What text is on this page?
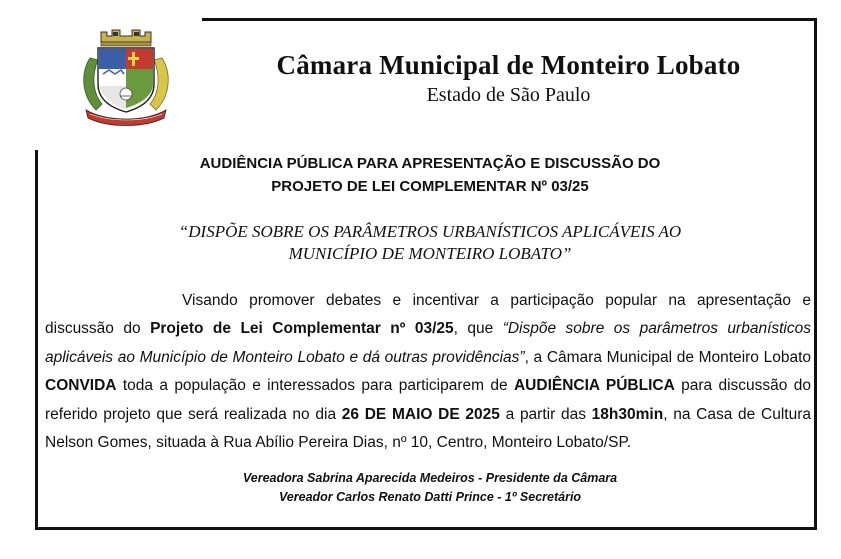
Câmara Municipal de Monteiro Lobato
Estado de São Paulo
AUDIÊNCIA PÚBLICA PARA APRESENTAÇÃO E DISCUSSÃO DO
PROJETO DE LEI COMPLEMENTAR Nº 03/25
“DISPÕE SOBRE OS PARÂMETROS URBANÍSTICOS APLICÁVEIS AO
MUNICÍPIO DE MONTEIRO LOBATO”
Visando promover debates e incentivar a participação popular na apresentação e discussão do Projeto de Lei Complementar nº 03/25, que “Dispõe sobre os parâmetros urbanísticos aplicáveis ao Município de Monteiro Lobato e dá outras providências”, a Câmara Municipal de Monteiro Lobato CONVIDA toda a população e interessados para participarem de AUDIÊNCIA PÚBLICA para discussão do referido projeto que será realizada no dia 26 DE MAIO DE 2025 a partir das 18h30min, na Casa de Cultura Nelson Gomes, situada à Rua Abílio Pereira Dias, nº 10, Centro, Monteiro Lobato/SP.
Vereadora Sabrina Aparecida Medeiros - Presidente da Câmara
Vereador Carlos Renato Datti Prince - 1º Secretário
